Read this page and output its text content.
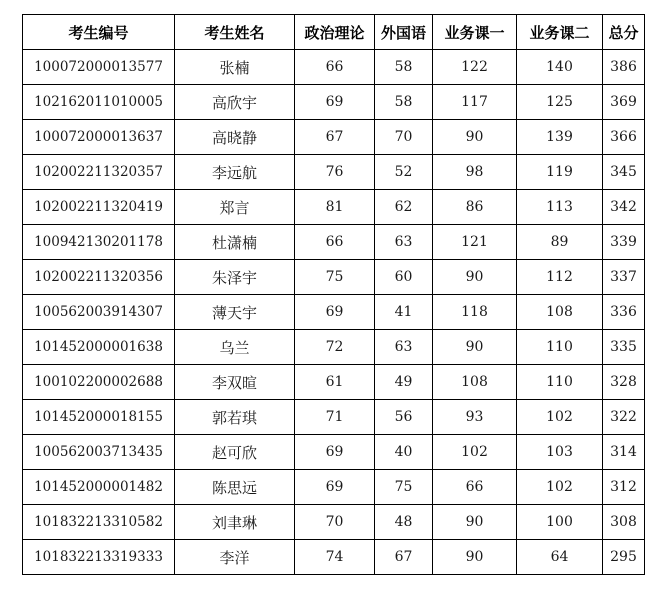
考生编号	考生姓名	政治理论	外国语	业务课一	业务课二	总分
100072000013577	张楠	66	58	122	140	386
102162011010005	高欣宇	69	58	117	125	369
100072000013637	高晓静	67	70	90	139	366
102002211320357	李远航	76	52	98	119	345
102002211320419	郑言	81	62	86	113	342
100942130201178	杜潇楠	66	63	121	89	339
102002211320356	朱泽宇	75	60	90	112	337
100562003914307	薄天宇	69	41	118	108	336
101452000001638	乌兰	72	63	90	110	335
100102200002688	李双暄	61	49	108	110	328
101452000018155	郭若琪	71	56	93	102	322
100562003713435	赵可欣	69	40	102	103	314
101452000001482	陈思远	69	75	66	102	312
101832213310582	刘聿琳	70	48	90	100	308
101832213319333	李洋	74	67	90	64	295
